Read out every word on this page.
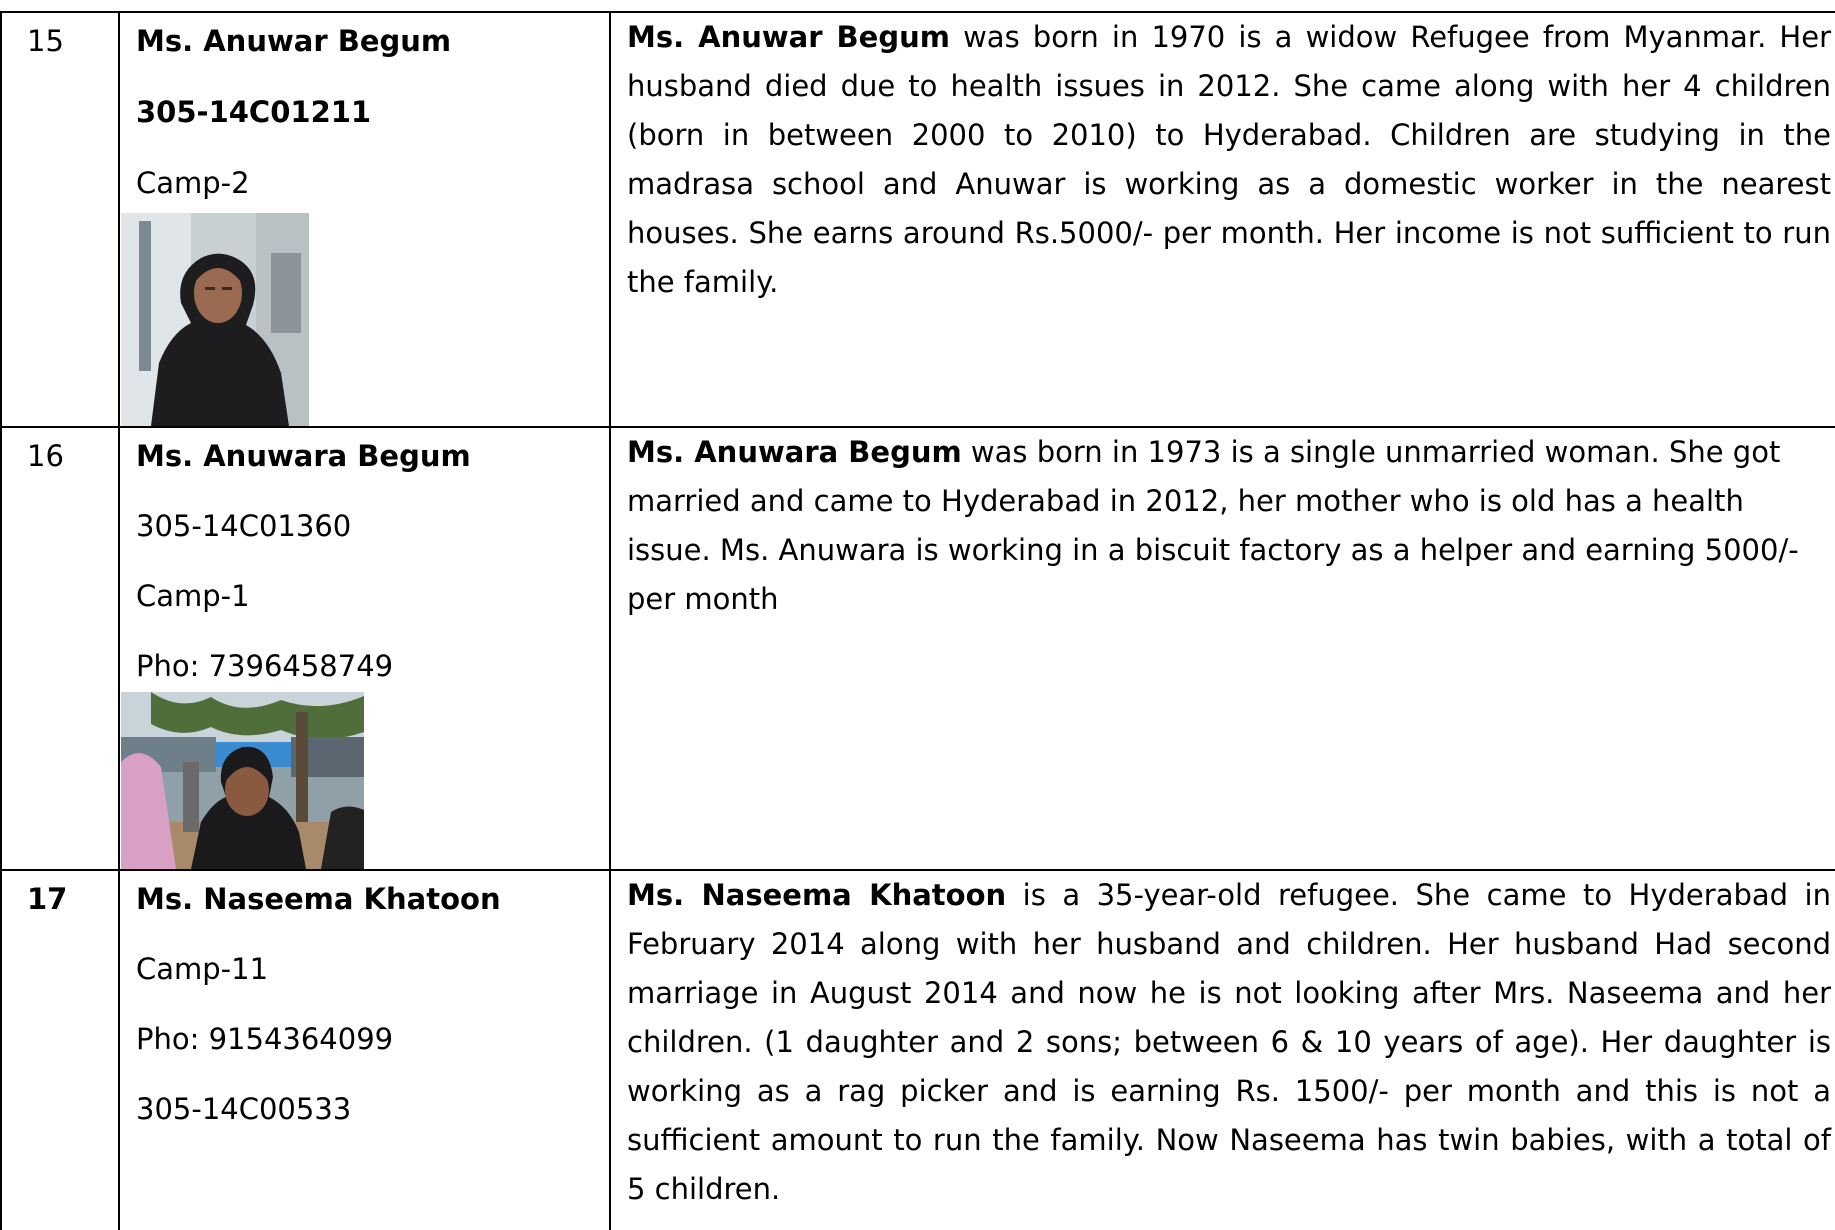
15 Ms. Anuwar Begum
305-14C01211
Camp-2

Ms. Anuwar Begum was born in 1970 is a widow Refugee from Myanmar. Her husband died due to health issues in 2012. She came along with her 4 children (born in between 2000 to 2010) to Hyderabad. Children are studying in the madrasa school and Anuwar is working as a domestic worker in the nearest houses. She earns around Rs.5000/- per month. Her income is not sufficient to run the family.

16 Ms. Anuwara Begum
305-14C01360
Camp-1
Pho: 7396458749

Ms. Anuwara Begum was born in 1973 is a single unmarried woman. She got married and came to Hyderabad in 2012, her mother who is old has a health issue. Ms. Anuwara is working in a biscuit factory as a helper and earning 5000/- per month

17 Ms. Naseema Khatoon
Camp-11
Pho: 9154364099
305-14C00533

Ms. Naseema Khatoon is a 35-year-old refugee. She came to Hyderabad in February 2014 along with her husband and children. Her husband Had second marriage in August 2014 and now he is not looking after Mrs. Naseema and her children. (1 daughter and 2 sons; between 6 & 10 years of age). Her daughter is working as a rag picker and is earning Rs. 1500/- per month and this is not a sufficient amount to run the family. Now Naseema has twin babies, with a total of 5 children.
